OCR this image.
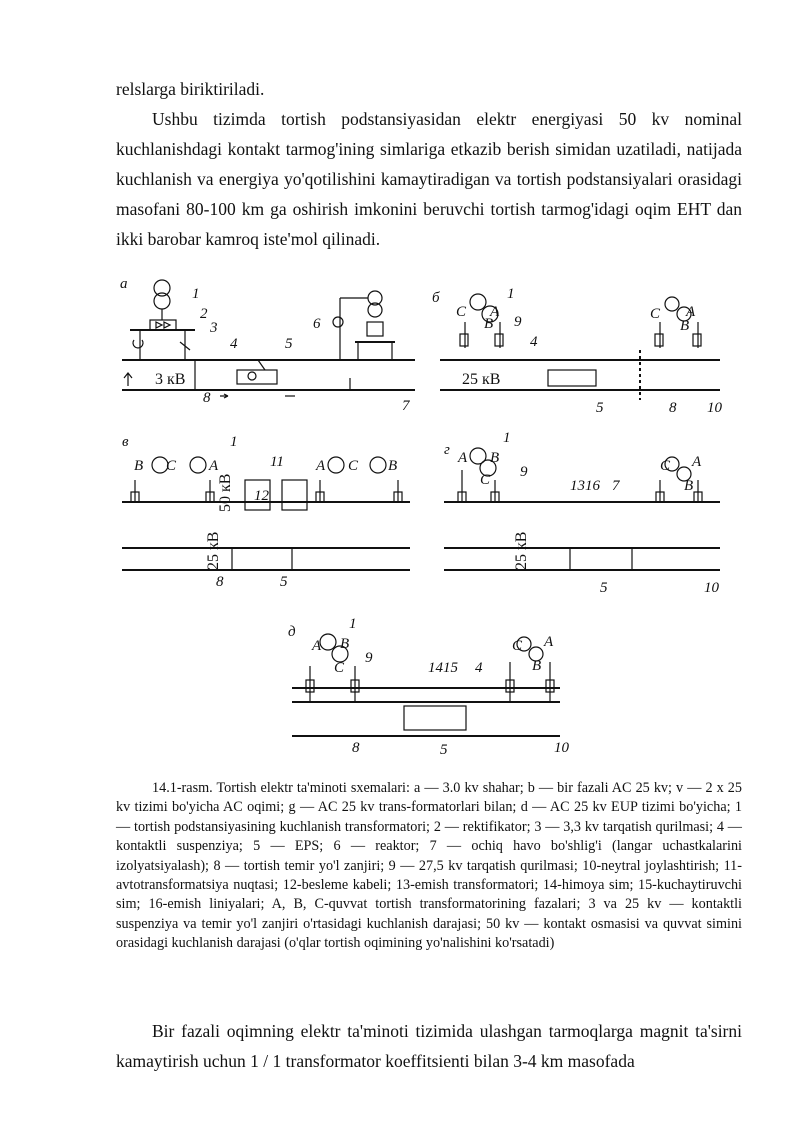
relslarga biriktiriladi.

Ushbu tizimda tortish podstansiyasidan elektr energiyasi 50 kv nominal kuchlanishdagi kontakt tarmog'ining simlariga etkazib berish simidan uzatiladi, natijada kuchlanish va energiya yo'qotilishini kamaytiradigan va tortish podstansiyalari orasidagi masofani 80-100 km ga oshirish imkonini beruvchi tortish tarmog'idagi oqim EHT dan ikki barobar kamroq iste'mol qilinadi.

a
3 кВ
1
2
3
4	5
6
7
8
б
C A
B
25 кВ
C A
B
1
9
4
5	8 10
в
B C A
50 кВ
25 кВ
A C B
1
11
12
5
8
г A B
C
25 кВ
C A
B
1
9
1316 7
5	10
д
A B
C
C A
B
1
9
1415 4
8	5	10

14.1-rasm. Tortish elektr ta'minoti sxemalari: a — 3.0 kv shahar; b — bir fazali AC 25 kv; v — 2 x 25 kv tizimi bo'yicha AC oqimi; g — AC 25 kv trans-formatorlari bilan; d — AC 25 kv EUP tizimi bo'yicha; 1 — tortish podstansiyasining kuchlanish transformatori; 2 — rektifikator; 3 — 3,3 kv tarqatish qurilmasi; 4 — kontaktli suspenziya; 5 — EPS; 6 — reaktor; 7 — ochiq havo bo'shlig'i (langar uchastkalarini izolyatsiyalash); 8 — tortish temir yo'l zanjiri; 9 — 27,5 kv tarqatish qurilmasi; 10-neytral joylashtirish; 11-avtotransformatsiya nuqtasi; 12-besleme kabeli; 13-emish transformatori; 14-himoya sim; 15-kuchaytiruvchi sim; 16-emish liniyalari; A, B, C-quvvat tortish transformatorining fazalari; 3 va 25 kv — kontaktli suspenziya va temir yo'l zanjiri o'rtasidagi kuchlanish darajasi; 50 kv — kontakt osmasisi va quvvat simini orasidagi kuchlanish darajasi (o'qlar tortish oqimining yo'nalishini ko'rsatadi)

Bir fazali oqimning elektr ta'minoti tizimida ulashgan tarmoqlarga magnit ta'sirni kamaytirish uchun 1 / 1 transformator koeffitsienti bilan 3-4 km masofada
